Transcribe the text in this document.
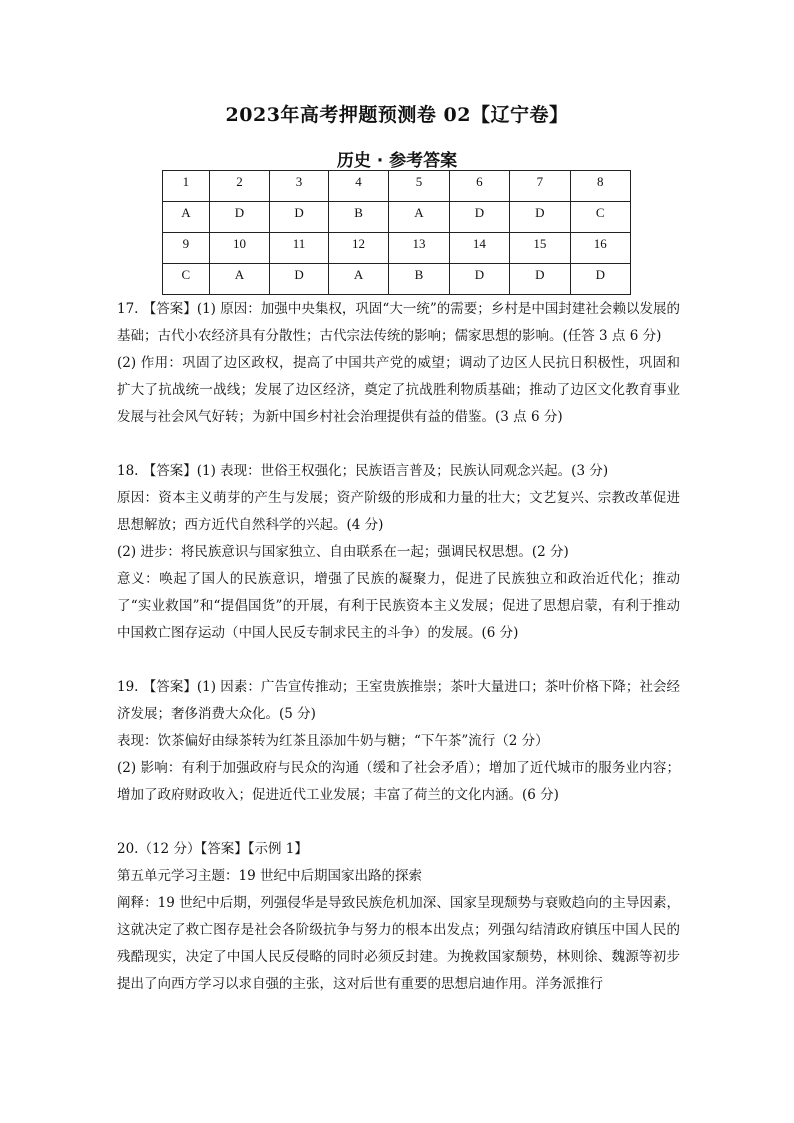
2023年高考押题预测卷 02【辽宁卷】
历史 · 参考答案
1	2	3	4	5	6	7	8
A	D	D	B	A	D	D	C
9	10	11	12	13	14	15	16
C	A	D	A	B	D	D	D

17. 【答案】(1) 原因：加强中央集权，巩固“大一统”的需要；乡村是中国封建社会赖以发展的基础；古代小农经济具有分散性；古代宗法传统的影响；儒家思想的影响。(任答 3 点 6 分)

(2) 作用：巩固了边区政权，提高了中国共产党的威望；调动了边区人民抗日积极性，巩固和扩大了抗战统一战线；发展了边区经济，奠定了抗战胜利物质基础；推动了边区文化教育事业发展与社会风气好转；为新中国乡村社会治理提供有益的借鉴。(3 点 6 分)

18. 【答案】(1) 表现：世俗王权强化；民族语言普及；民族认同观念兴起。(3 分)

原因：资本主义萌芽的产生与发展；资产阶级的形成和力量的壮大；文艺复兴、宗教改革促进思想解放；西方近代自然科学的兴起。(4 分)

(2) 进步：将民族意识与国家独立、自由联系在一起；强调民权思想。(2 分)

意义：唤起了国人的民族意识，增强了民族的凝聚力，促进了民族独立和政治近代化；推动了“实业救国”和“提倡国货”的开展，有利于民族资本主义发展；促进了思想启蒙，有利于推动中国救亡图存运动（中国人民反专制求民主的斗争）的发展。(6 分)

19. 【答案】(1) 因素：广告宣传推动；王室贵族推崇；茶叶大量进口；茶叶价格下降；社会经济发展；奢侈消费大众化。(5 分)

表现：饮茶偏好由绿茶转为红茶且添加牛奶与糖；“下午茶”流行（2 分）

(2) 影响：有利于加强政府与民众的沟通（缓和了社会矛盾）；增加了近代城市的服务业内容；增加了政府财政收入；促进近代工业发展；丰富了荷兰的文化内涵。(6 分)

20.（12 分）【答案】【示例 1】

第五单元学习主题：19 世纪中后期国家出路的探索

阐释：19 世纪中后期，列强侵华是导致民族危机加深、国家呈现颓势与衰败趋向的主导因素，这就决定了救亡图存是社会各阶级抗争与努力的根本出发点；列强勾结清政府镇压中国人民的残酷现实，决定了中国人民反侵略的同时必须反封建。为挽救国家颓势，林则徐、魏源等初步提出了向西方学习以求自强的主张，这对后世有重要的思想启迪作用。洋务派推行
